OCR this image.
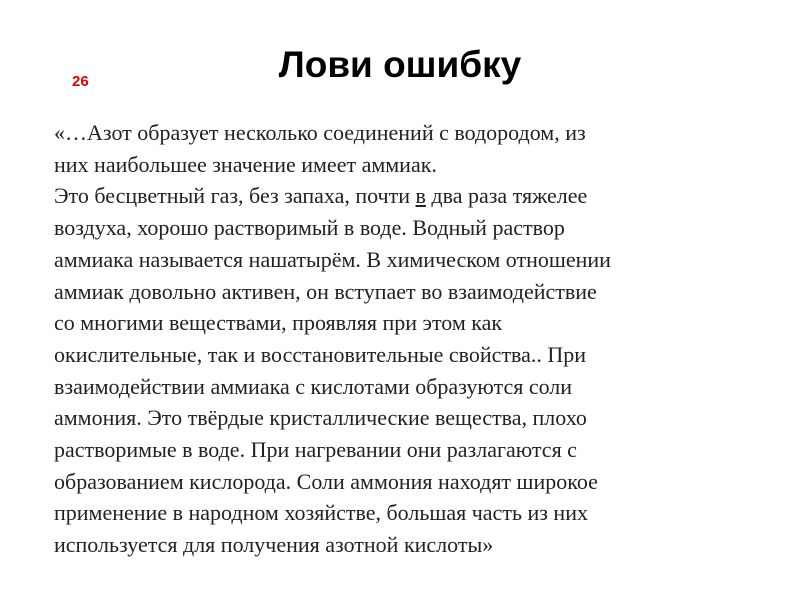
Лови ошибку
26
«…Азот образует несколько соединений с водородом, из
них наибольшее значение имеет аммиак.
Это бесцветный газ, без запаха, почти в два раза тяжелее
воздуха, хорошо растворимый в воде. Водный раствор
аммиака называется нашатырём. В химическом отношении
аммиак довольно активен, он вступает во взаимодействие
со многими веществами, проявляя при этом как
окислительные, так и восстановительные свойства.. При
взаимодействии аммиака с кислотами образуются соли
аммония. Это твёрдые кристаллические вещества, плохо
растворимые в воде. При нагревании они разлагаются с
образованием кислорода. Соли аммония находят широкое
применение в народном хозяйстве, большая часть из них
используется для получения азотной кислоты»
